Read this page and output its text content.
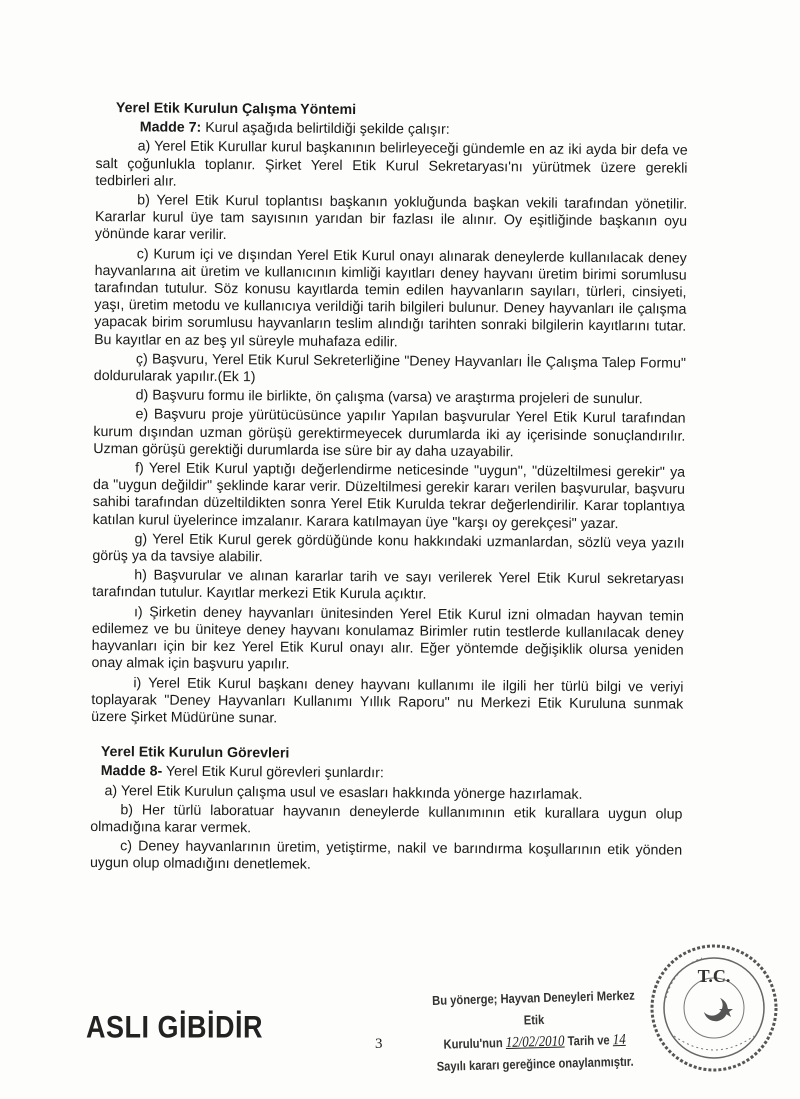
Yerel Etik Kurulun Çalışma Yöntemi

Madde 7: Kurul aşağıda belirtildiği şekilde çalışır:

a) Yerel Etik Kurullar kurul başkanının belirleyeceği gündemle en az iki ayda bir defa ve salt çoğunlukla toplanır. Şirket Yerel Etik Kurul Sekretaryası'nı yürütmek üzere gerekli tedbirleri alır.

b) Yerel Etik Kurul toplantısı başkanın yokluğunda başkan vekili tarafından yönetilir. Kararlar kurul üye tam sayısının yarıdan bir fazlası ile alınır. Oy eşitliğinde başkanın oyu yönünde karar verilir.

c) Kurum içi ve dışından Yerel Etik Kurul onayı alınarak deneylerde kullanılacak deney hayvanlarına ait üretim ve kullanıcının kimliği kayıtları deney hayvanı üretim birimi sorumlusu tarafından tutulur. Söz konusu kayıtlarda temin edilen hayvanların sayıları, türleri, cinsiyeti, yaşı, üretim metodu ve kullanıcıya verildiği tarih bilgileri bulunur. Deney hayvanları ile çalışma yapacak birim sorumlusu hayvanların teslim alındığı tarihten sonraki bilgilerin kayıtlarını tutar. Bu kayıtlar en az beş yıl süreyle muhafaza edilir.

ç) Başvuru, Yerel Etik Kurul Sekreterliğine "Deney Hayvanları İle Çalışma Talep Formu" doldurularak yapılır.(Ek 1)

d) Başvuru formu ile birlikte, ön çalışma (varsa) ve araştırma projeleri de sunulur.

e) Başvuru proje yürütücüsünce yapılır Yapılan başvurular Yerel Etik Kurul tarafından kurum dışından uzman görüşü gerektirmeyecek durumlarda iki ay içerisinde sonuçlandırılır. Uzman görüşü gerektiği durumlarda ise süre bir ay daha uzayabilir.

f) Yerel Etik Kurul yaptığı değerlendirme neticesinde "uygun", "düzeltilmesi gerekir" ya da "uygun değildir" şeklinde karar verir. Düzeltilmesi gerekir kararı verilen başvurular, başvuru sahibi tarafından düzeltildikten sonra Yerel Etik Kurulda tekrar değerlendirilir. Karar toplantıya katılan kurul üyelerince imzalanır. Karara katılmayan üye "karşı oy gerekçesi" yazar.

g) Yerel Etik Kurul gerek gördüğünde konu hakkındaki uzmanlardan, sözlü veya yazılı görüş ya da tavsiye alabilir.

h) Başvurular ve alınan kararlar tarih ve sayı verilerek Yerel Etik Kurul sekretaryası tarafından tutulur. Kayıtlar merkezi Etik Kurula açıktır.

ı) Şirketin deney hayvanları ünitesinden Yerel Etik Kurul izni olmadan hayvan temin edilemez ve bu üniteye deney hayvanı konulamaz Birimler rutin testlerde kullanılacak deney hayvanları için bir kez Yerel Etik Kurul onayı alır. Eğer yöntemde değişiklik olursa yeniden onay almak için başvuru yapılır.

i) Yerel Etik Kurul başkanı deney hayvanı kullanımı ile ilgili her türlü bilgi ve veriyi toplayarak "Deney Hayvanları Kullanımı Yıllık Raporu" nu Merkezi Etik Kuruluna sunmak üzere Şirket Müdürüne sunar.

Yerel Etik Kurulun Görevleri

Madde 8- Yerel Etik Kurul görevleri şunlardır:

a) Yerel Etik Kurulun çalışma usul ve esasları hakkında yönerge hazırlamak.

b) Her türlü laboratuar hayvanın deneylerde kullanımının etik kurallara uygun olup olmadığına karar vermek.

c) Deney hayvanlarının üretim, yetiştirme, nakil ve barındırma koşullarının etik yönden uygun olup olmadığını denetlemek.

ASLI GİBİDİR	3
Bu yönerge; Hayvan Deneyleri Merkez Etik
Kurulu'nun 12/02/2010 Tarih ve 14
Sayılı kararı gereğince onaylanmıştır.
T.C.
